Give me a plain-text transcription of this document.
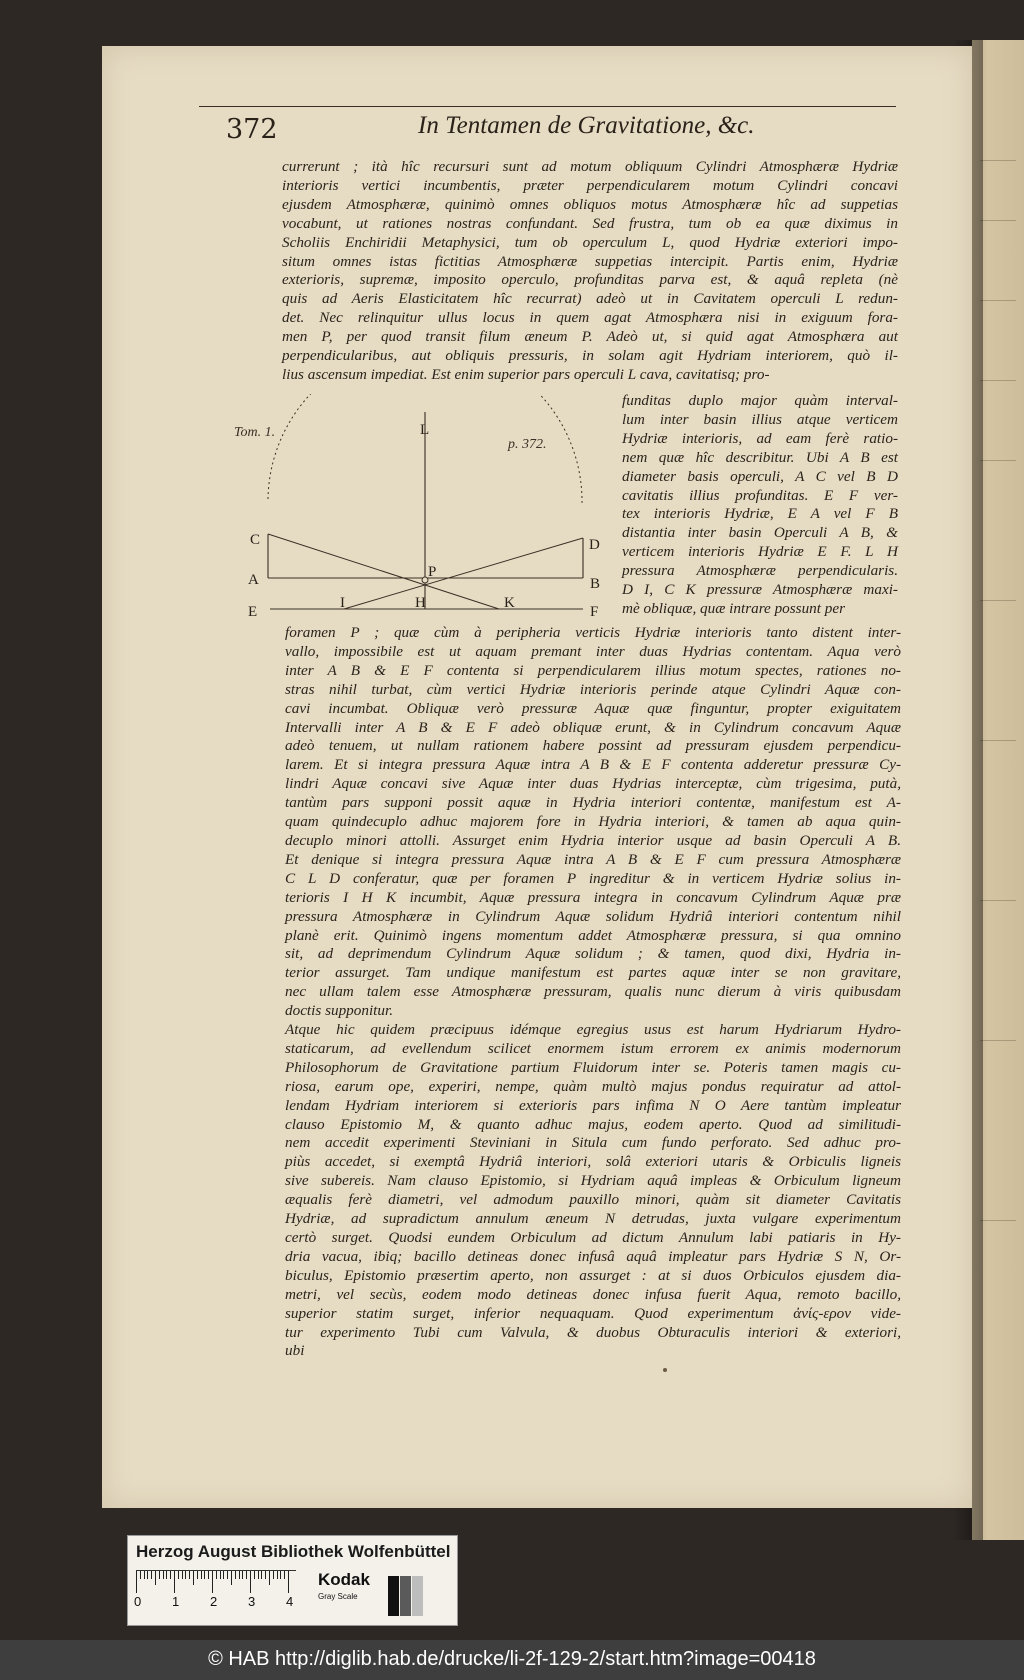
372	In Tentamen de Gravitatione, &c.
currerunt ; ità hîc recursuri sunt ad motum obliquum Cylindri Atmosphæræ Hydriæ
interioris vertici incumbentis, præter perpendicularem motum Cylindri concavi
ejusdem Atmosphæræ, quinimò omnes obliquos motus Atmosphæræ hîc ad suppetias
vocabunt, ut rationes nostras confundant. Sed frustra, tum ob ea quæ diximus in
Scholiis Enchiridii Metaphysici, tum ob operculum L, quod Hydriæ exteriori impo-
situm omnes istas fictitias Atmosphæræ suppetias intercipit. Partis enim, Hydriæ
exterioris, supremæ, imposito operculo, profunditas parva est, & aquâ repleta (nè
quis ad Aeris Elasticitatem hîc recurrat) adeò ut in Cavitatem operculi L redun-
det. Nec relinquitur ullus locus in quem agat Atmosphæra nisi in exiguum fora-
men P, per quod transit filum æneum P. Adeò ut, si quid agat Atmosphæra aut
perpendicularibus, aut obliquis pressuris, in solam agit Hydriam interiorem, quò il-
lius ascensum impediat. Est enim superior pars operculi L cava, cavitatisq; pro-
Tom. 1.
p. 372.
L
C	D
A	B
P
E
I	H	K
F
funditas duplo major quàm interval-
lum inter basin illius atque verticem
Hydriæ interioris, ad eam ferè ratio-
nem quæ hîc describitur. Ubi A B est
diameter basis operculi, A C vel B D
cavitatis illius profunditas. E F ver-
tex interioris Hydriæ, E A vel F B
distantia inter basin Operculi A B, &
verticem interioris Hydriæ E F. L H
pressura Atmosphæræ perpendicularis.
D I, C K pressuræ Atmosphæræ maxi-
mè obliquæ, quæ intrare possunt per
foramen P ; quæ cùm à peripheria verticis Hydriæ interioris tanto distent inter-
vallo, impossibile est ut aquam premant inter duas Hydrias contentam. Aqua verò
inter A B & E F contenta si perpendicularem illius motum spectes, rationes no-
stras nihil turbat, cùm vertici Hydriæ interioris perinde atque Cylindri Aquæ con-
cavi incumbat. Obliquæ verò pressuræ Aquæ quæ finguntur, propter exiguitatem
Intervalli inter A B & E F adeò obliquæ erunt, & in Cylindrum concavum Aquæ
adeò tenuem, ut nullam rationem habere possint ad pressuram ejusdem perpendicu-
larem. Et si integra pressura Aquæ intra A B & E F contenta adderetur pressuræ Cy-
lindri Aquæ concavi sive Aquæ inter duas Hydrias interceptæ, cùm trigesima, putà,
tantùm pars supponi possit aquæ in Hydria interiori contentæ, manifestum est A-
quam quindecuplo adhuc majorem fore in Hydria interiori, & tamen ab aqua quin-
decuplo minori attolli. Assurget enim Hydria interior usque ad basin Operculi A B.
Et denique si integra pressura Aquæ intra A B & E F cum pressura Atmosphæræ
C L D conferatur, quæ per foramen P ingreditur & in verticem Hydriæ solius in-
terioris I H K incumbit, Aquæ pressura integra in concavum Cylindrum Aquæ præ
pressura Atmosphæræ in Cylindrum Aquæ solidum Hydriâ interiori contentum nihil
planè erit. Quinimò ingens momentum addet Atmosphæræ pressura, si qua omnino
sit, ad deprimendum Cylindrum Aquæ solidum ; & tamen, quod dixi, Hydria in-
terior assurget. Tam undique manifestum est partes aquæ inter se non gravitare,
nec ullam talem esse Atmosphæræ pressuram, qualis nunc dierum à viris quibusdam
doctis supponitur.
Atque hic quidem præcipuus idémque egregius usus est harum Hydriarum Hydro-
staticarum, ad evellendum scilicet enormem istum errorem ex animis modernorum
Philosophorum de Gravitatione partium Fluidorum inter se. Poteris tamen magis cu-
riosa, earum ope, experiri, nempe, quàm multò majus pondus requiratur ad attol-
lendam Hydriam interiorem si exterioris pars infima N O Aere tantùm impleatur
clauso Epistomio M, & quanto adhuc majus, eodem aperto. Quod ad similitudi-
nem accedit experimenti Steviniani in Situla cum fundo perforato. Sed adhuc pro-
piùs accedet, si exemptâ Hydriâ interiori, solâ exteriori utaris & Orbiculis ligneis
sive subereis. Nam clauso Epistomio, si Hydriam aquâ impleas & Orbiculum ligneum
æqualis ferè diametri, vel admodum pauxillo minori, quàm sit diameter Cavitatis
Hydriæ, ad supradictum annulum æneum N detrudas, juxta vulgare experimentum
certò surget. Quodsi eundem Orbiculum ad dictum Annulum labi patiaris in Hy-
dria vacua, ibiq; bacillo detineas donec infusâ aquâ impleatur pars Hydriæ S N, Or-
biculus, Epistomio præsertim aperto, non assurget : at si duos Orbiculos ejusdem dia-
metri, vel secùs, eodem modo detineas donec infusa fuerit Aqua, remoto bacillo,
superior statim surget, inferior nequaquam. Quod experimentum ἀνίς-ερον vide-
tur experimento Tubi cum Valvula, & duobus Obturaculis interiori & exteriori,
ubi
Herzog August Bibliothek Wolfenbüttel
0 1 2 3 4
Kodak
Gray Scale
© HAB http://diglib.hab.de/drucke/li-2f-129-2/start.htm?image=00418
